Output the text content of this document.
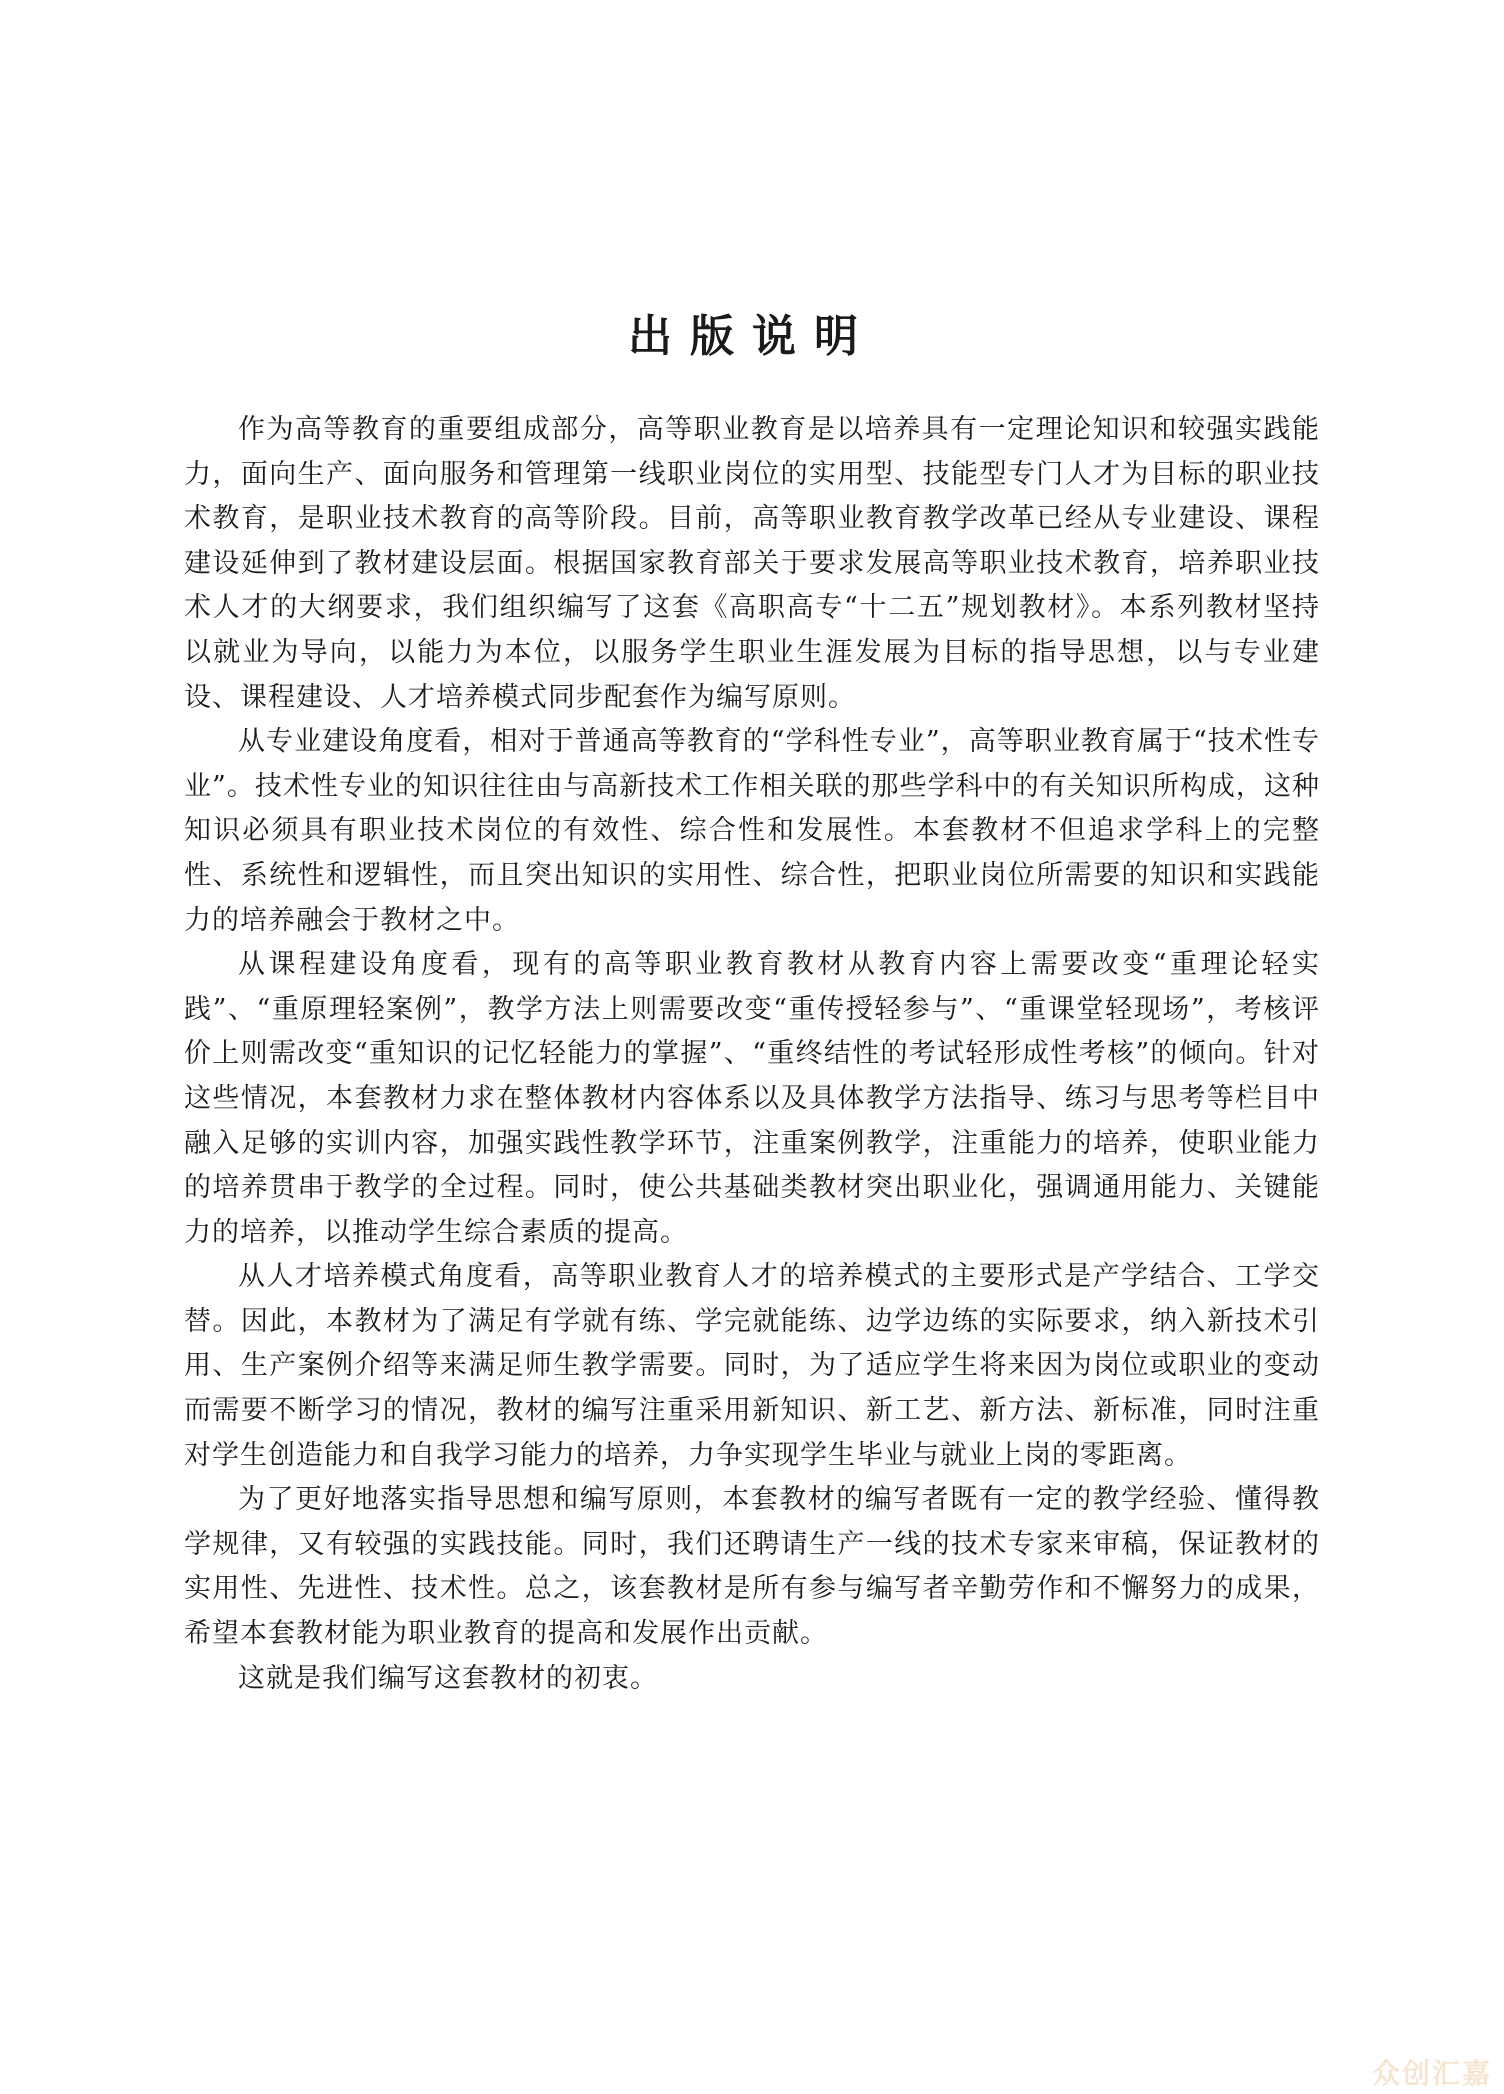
出版说明

作为高等教育的重要组成部分，高等职业教育是以培养具有一定理论知识和较强实践能力，面向生产、面向服务和管理第一线职业岗位的实用型、技能型专门人才为目标的职业技术教育，是职业技术教育的高等阶段。目前，高等职业教育教学改革已经从专业建设、课程建设延伸到了教材建设层面。根据国家教育部关于要求发展高等职业技术教育，培养职业技术人才的大纲要求，我们组织编写了这套《高职高专“十二五”规划教材》。本系列教材坚持以就业为导向，以能力为本位，以服务学生职业生涯发展为目标的指导思想，以与专业建设、课程建设、人才培养模式同步配套作为编写原则。

从专业建设角度看，相对于普通高等教育的“学科性专业”，高等职业教育属于“技术性专业”。技术性专业的知识往往由与高新技术工作相关联的那些学科中的有关知识所构成，这种知识必须具有职业技术岗位的有效性、综合性和发展性。本套教材不但追求学科上的完整性、系统性和逻辑性，而且突出知识的实用性、综合性，把职业岗位所需要的知识和实践能力的培养融会于教材之中。

从课程建设角度看，现有的高等职业教育教材从教育内容上需要改变“重理论轻实践”、“重原理轻案例”，教学方法上则需要改变“重传授轻参与”、“重课堂轻现场”，考核评价上则需改变“重知识的记忆轻能力的掌握”、“重终结性的考试轻形成性考核”的倾向。针对这些情况，本套教材力求在整体教材内容体系以及具体教学方法指导、练习与思考等栏目中融入足够的实训内容，加强实践性教学环节，注重案例教学，注重能力的培养，使职业能力的培养贯串于教学的全过程。同时，使公共基础类教材突出职业化，强调通用能力、关键能力的培养，以推动学生综合素质的提高。

从人才培养模式角度看，高等职业教育人才的培养模式的主要形式是产学结合、工学交替。因此，本教材为了满足有学就有练、学完就能练、边学边练的实际要求，纳入新技术引用、生产案例介绍等来满足师生教学需要。同时，为了适应学生将来因为岗位或职业的变动而需要不断学习的情况，教材的编写注重采用新知识、新工艺、新方法、新标准，同时注重对学生创造能力和自我学习能力的培养，力争实现学生毕业与就业上岗的零距离。

为了更好地落实指导思想和编写原则，本套教材的编写者既有一定的教学经验、懂得教学规律，又有较强的实践技能。同时，我们还聘请生产一线的技术专家来审稿，保证教材的实用性、先进性、技术性。总之，该套教材是所有参与编写者辛勤劳作和不懈努力的成果，希望本套教材能为职业教育的提高和发展作出贡献。

这就是我们编写这套教材的初衷。

众创汇嘉
